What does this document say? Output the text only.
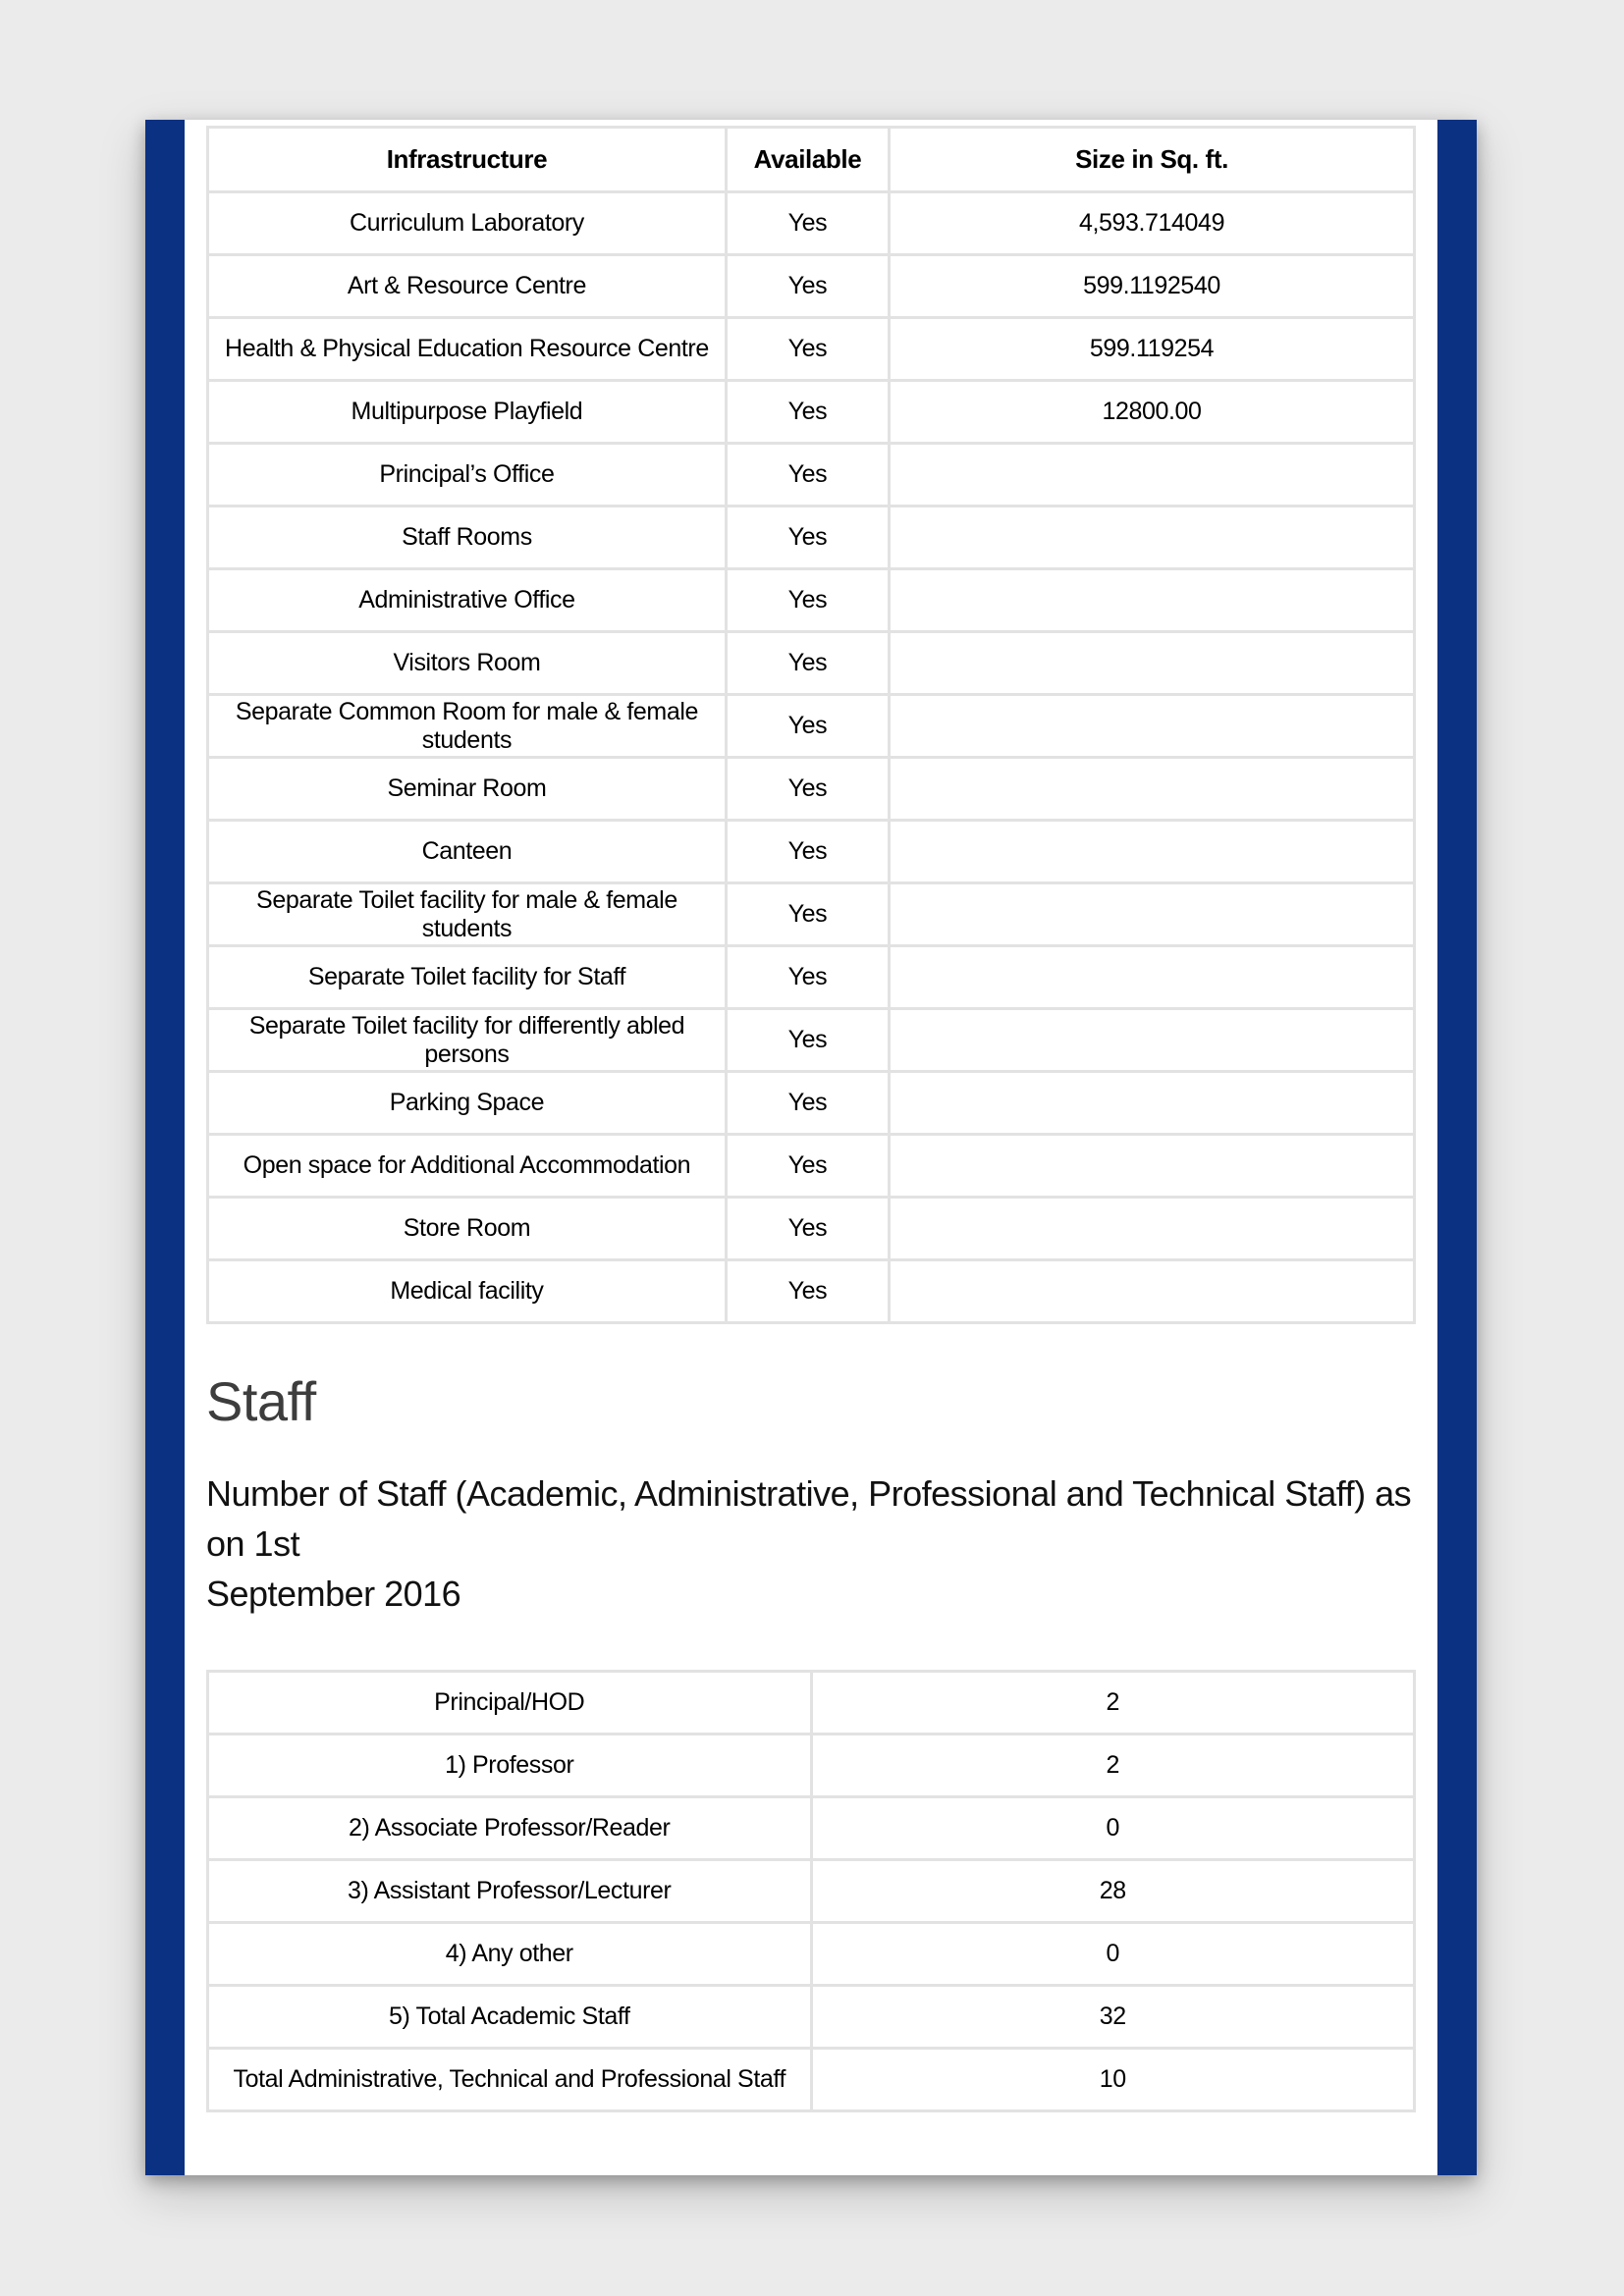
Infrastructure	Available	Size in Sq. ft.
Curriculum Laboratory	Yes	4,593.714049
Art & Resource Centre	Yes	599.1192540
Health & Physical Education Resource Centre	Yes	599.119254
Multipurpose Playfield	Yes	12800.00
Principal’s Office	Yes	
Staff Rooms	Yes	
Administrative Office	Yes	
Visitors Room	Yes	
Separate Common Room for male & female students	Yes	
Seminar Room	Yes	
Canteen	Yes	
Separate Toilet facility for male & female students	Yes	
Separate Toilet facility for Staff	Yes	
Separate Toilet facility for differently abled persons	Yes	
Parking Space	Yes	
Open space for Additional Accommodation	Yes	
Store Room	Yes	
Medical facility	Yes	
Staff

Number of Staff (Academic, Administrative, Professional and Technical Staff) as on 1st
September 2016

Principal/HOD	2
1) Professor	2
2) Associate Professor/Reader	0
3) Assistant Professor/Lecturer	28
4) Any other	0
5) Total Academic Staff	32
Total Administrative, Technical and Professional Staff	10
